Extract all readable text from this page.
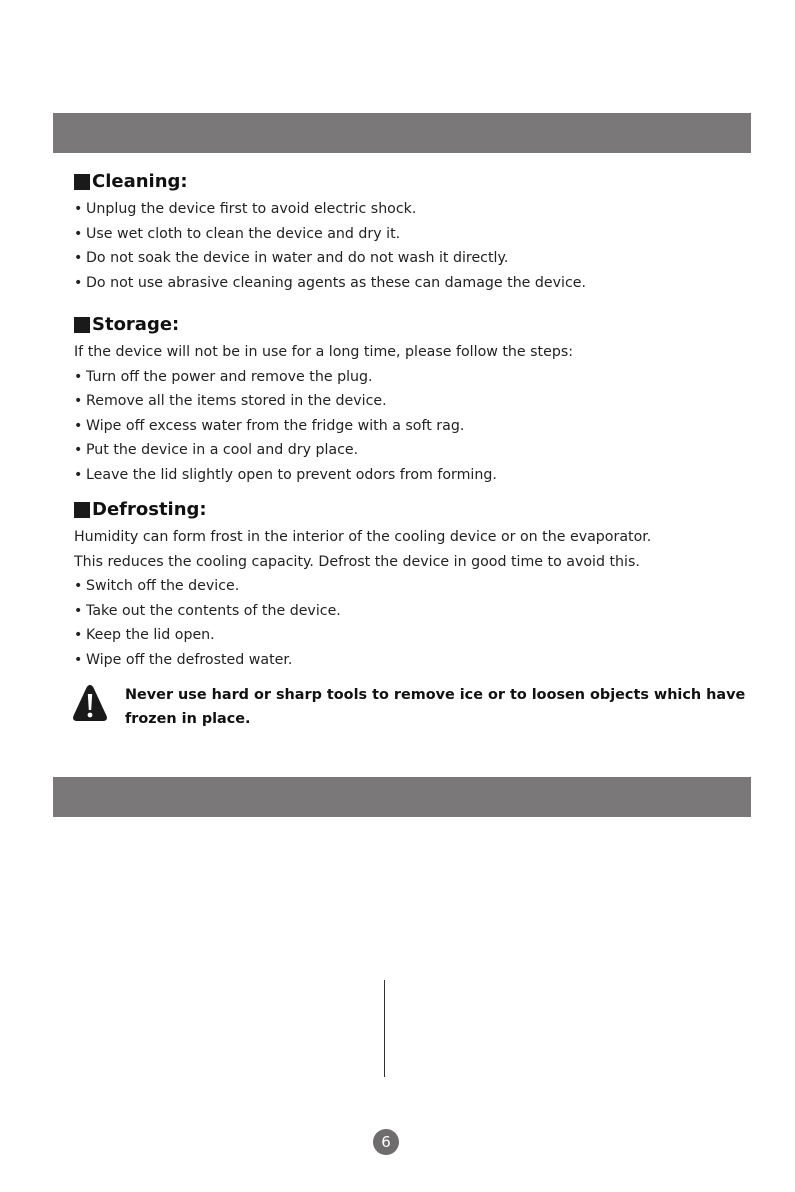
Cleaning:

• Unplug the device first to avoid electric shock.

• Use wet cloth to clean the device and dry it.

• Do not soak the device in water and do not wash it directly.

• Do not use abrasive cleaning agents as these can damage the device.

Storage:

If the device will not be in use for a long time, please follow the steps:

• Turn off the power and remove the plug.

• Remove all the items stored in the device.

• Wipe off excess water from the fridge with a soft rag.

• Put the device in a cool and dry place.

• Leave the lid slightly open to prevent odors from forming.

Defrosting:

Humidity can form frost in the interior of the cooling device or on the evaporator.

This reduces the cooling capacity. Defrost the device in good time to avoid this.

• Switch off the device.

• Take out the contents of the device.

• Keep the lid open.

• Wipe off the defrosted water.

Never use hard or sharp tools to remove ice or to loosen objects which have
frozen in place.
6
